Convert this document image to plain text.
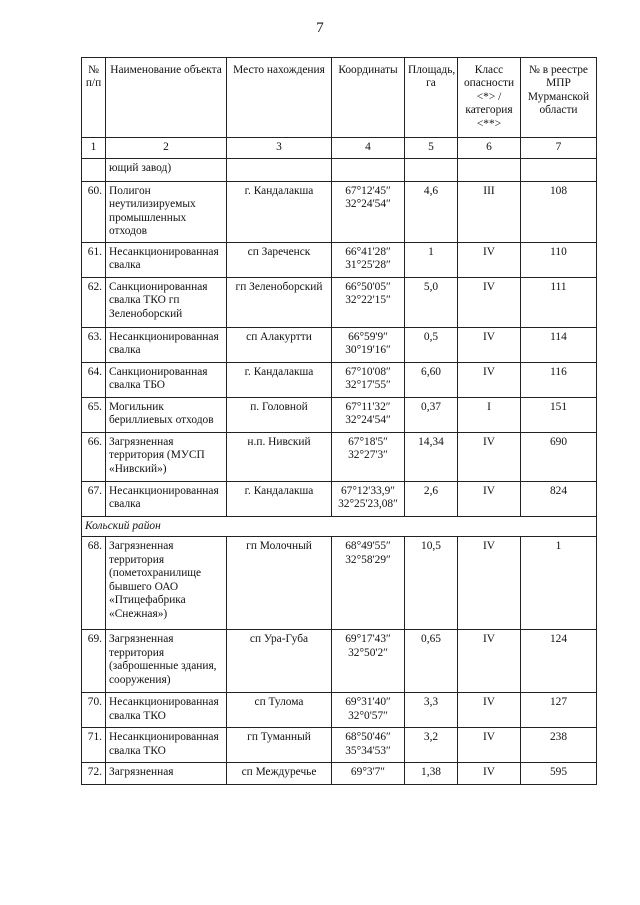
7
№ п/п	Наименование объекта	Место нахождения	Координаты	Площадь, га	Класс опасности <*> / категория <**>	№ в реестре МПР Мурманской области
1	2	3	4	5	6	7
	ющий завод)					
60.	Полигон неутилизируемых промышленных отходов	г. Кандалакша	67°12'45″ 32°24'54″	4,6	III	108
61.	Несанкционированная свалка	сп Зареченск	66°41'28″ 31°25'28″	1	IV	110
62.	Санкционированная свалка ТКО гп Зеленоборский	гп Зеленоборский	66°50'05″ 32°22'15″	5,0	IV	111
63.	Несанкционированная свалка	сп Алакуртти	66°59'9″ 30°19'16″	0,5	IV	114
64.	Санкционированная свалка ТБО	г. Кандалакша	67°10'08″ 32°17'55″	6,60	IV	116
65.	Могильник бериллиевых отходов	п. Головной	67°11'32″ 32°24'54″	0,37	I	151
66.	Загрязненная территория (МУСП «Нивский»)	н.п. Нивский	67°18'5″ 32°27'3″	14,34	IV	690
67.	Несанкционированная свалка	г. Кандалакша	67°12'33,9″ 32°25'23,08″	2,6	IV	824
Кольский район						
68.	Загрязненная территория (пометохранилище бывшего ОАО «Птицефабрика «Снежная»)	гп Молочный	68°49'55″ 32°58'29″	10,5	IV	1
69.	Загрязненная территория (заброшенные здания, сооружения)	сп Ура-Губа	69°17'43″ 32°50'2″	0,65	IV	124
70.	Несанкционированная свалка ТКО	сп Тулома	69°31'40″ 32°0'57″	3,3	IV	127
71.	Несанкционированная свалка ТКО	гп Туманный	68°50'46″ 35°34'53″	3,2	IV	238
72.	Загрязненная	сп Междуречье	69°3'7″	1,38	IV	595
